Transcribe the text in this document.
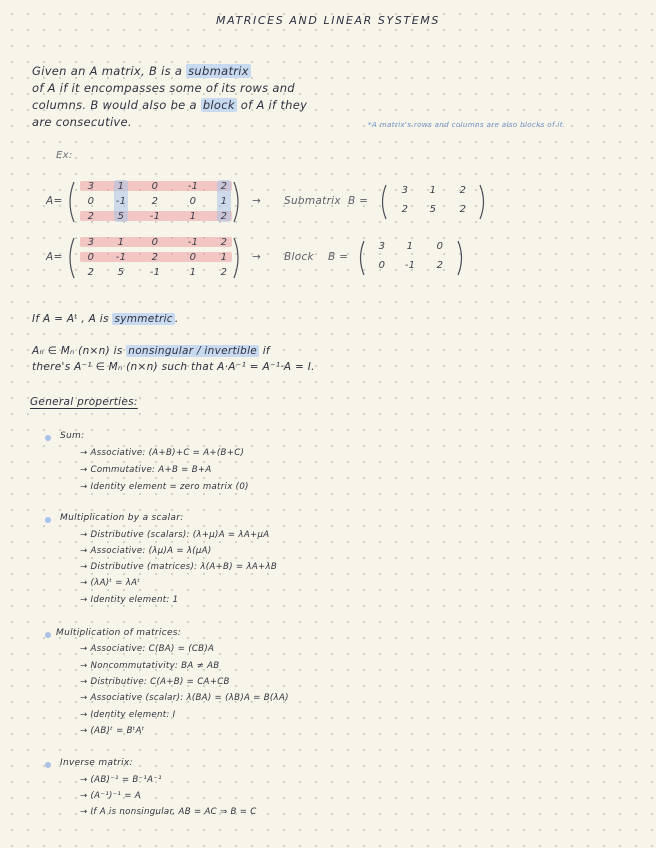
MATRICES AND LINEAR SYSTEMS
Given an A matrix, B is a submatrix
of A if it encompasses some of its rows and
columns. B would also be a block of A if they
are consecutive.	*A matrix's rows and columns are also blocks of it.
Ex:
A=
3	1	0	-1	2
0	-1	2	0	1
2	5	-1	1	2
→ Submatrix B =
3	1	2
2	5	2
A=
3	1	0	-1	2
0	-1	2	0	1
2	5	-1	1	2
→ Block B =
3	1	0
0	-1	2
If A = Aᵗ , A is symmetric .
Aₙ ∈ Mₙ (n×n) is nonsingular / invertible if
there's A⁻¹ ∈ Mₙ (n×n) such that A·A⁻¹ = A⁻¹·A = I.
General properties:
Sum:
→ Associative: (A+B)+C = A+(B+C)
→ Commutative: A+B = B+A
→ Identity element = zero matrix (0)
Multiplication by a scalar:
→ Distributive (scalars): (λ+μ)A = λA+μA
→ Associative: (λμ)A = λ(μA)
→ Distributive (matrices): λ(A+B) = λA+λB
→ (λA)ᵗ = λAᵗ
→ Identity element: 1
Multiplication of matrices:
→ Associative: C(BA) = (CB)A
→ Noncommutativity: BA ≠ AB
→ Distributive: C(A+B) = CA+CB
→ Associative (scalar): λ(BA) = (λB)A = B(λA)
→ Identity element: I
→ (AB)ᵗ = BᵗAᵗ
Inverse matrix:
→ (AB)⁻¹ = B⁻¹A⁻¹
→ (A⁻¹)⁻¹ = A
→ If A is nonsingular, AB = AC ⇒ B = C
